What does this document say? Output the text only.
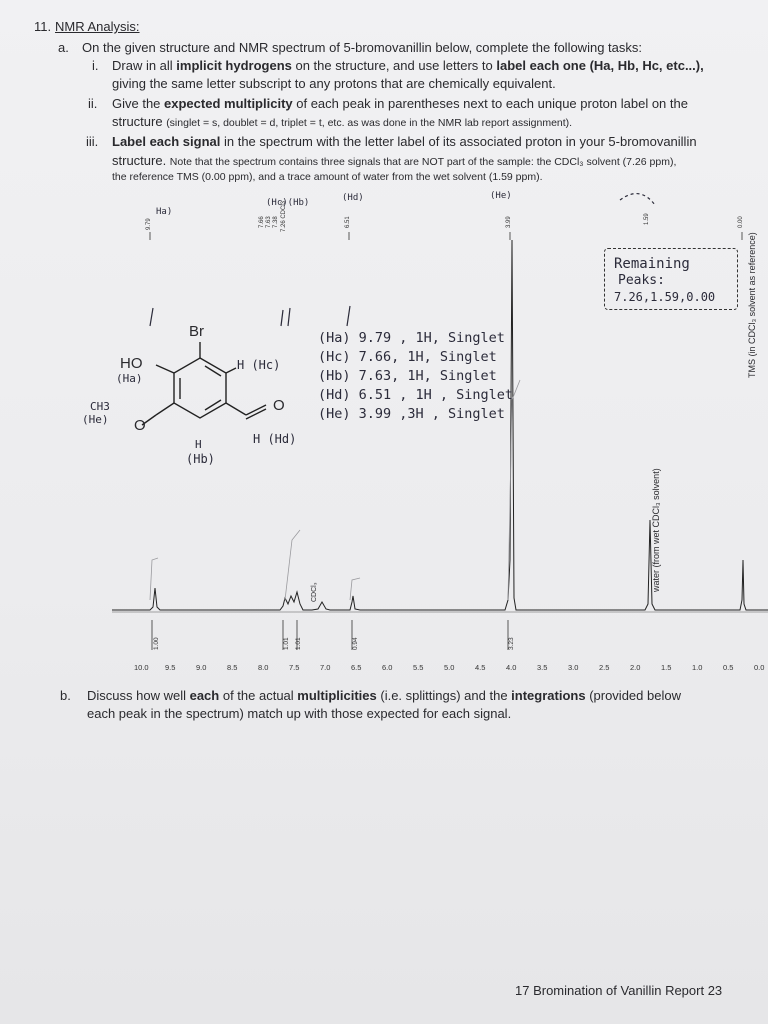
11. NMR Analysis:
a. On the given structure and NMR spectrum of 5-bromovanillin below, complete the following tasks:
i. Draw in all implicit hydrogens on the structure, and use letters to label each one (Ha, Hb, Hc, etc...),
giving the same letter subscript to any protons that are chemically equivalent.
ii. Give the expected multiplicity of each peak in parentheses next to each unique proton label on the
structure (singlet = s, doublet = d, triplet = t, etc. as was done in the NMR lab report assignment).
iii. Label each signal in the spectrum with the letter label of its associated proton in your 5-bromovanillin
structure. Note that the spectrum contains three signals that are NOT part of the sample: the CDCl₃ solvent (7.26 ppm),
the reference TMS (0.00 ppm), and a trace amount of water from the wet solvent (1.59 ppm).
9.79	7.66 7.63 7.38 7.26 CDCl3	6.51	3.99	1.59	0.00
1.00	1.01 1.01	0.94	3.23
Ha)
(Hc)(Hb)	(Hd)	(He)
CDCl₃
water (from wet CDCl₃ solvent)
TMS (in CDCl₃ solvent as reference)
10.0 9.5	9.0	8.5	8.0	7.5	7.0	6.5	6.0	5.5	5.0	4.5	4.0	3.5	3.0	2.5	2.0	1.5	1.0	0.5	0.0
Remaining
Peaks:
7.26,1.59,0.00
Br
HO
(Ha)
H (Hc)
CH3
(He) O
O
H
(Hb)
H (Hd)
(Ha) 9.79 , 1H, Singlet
(Hc) 7.66, 1H, Singlet
(Hb) 7.63, 1H, Singlet
(Hd) 6.51 , 1H , Singlet
(He) 3.99 ,3H , Singlet
b. Discuss how well each of the actual multiplicities (i.e. splittings) and the integrations (provided below
each peak in the spectrum) match up with those expected for each signal.
17 Bromination of Vanillin Report 23
